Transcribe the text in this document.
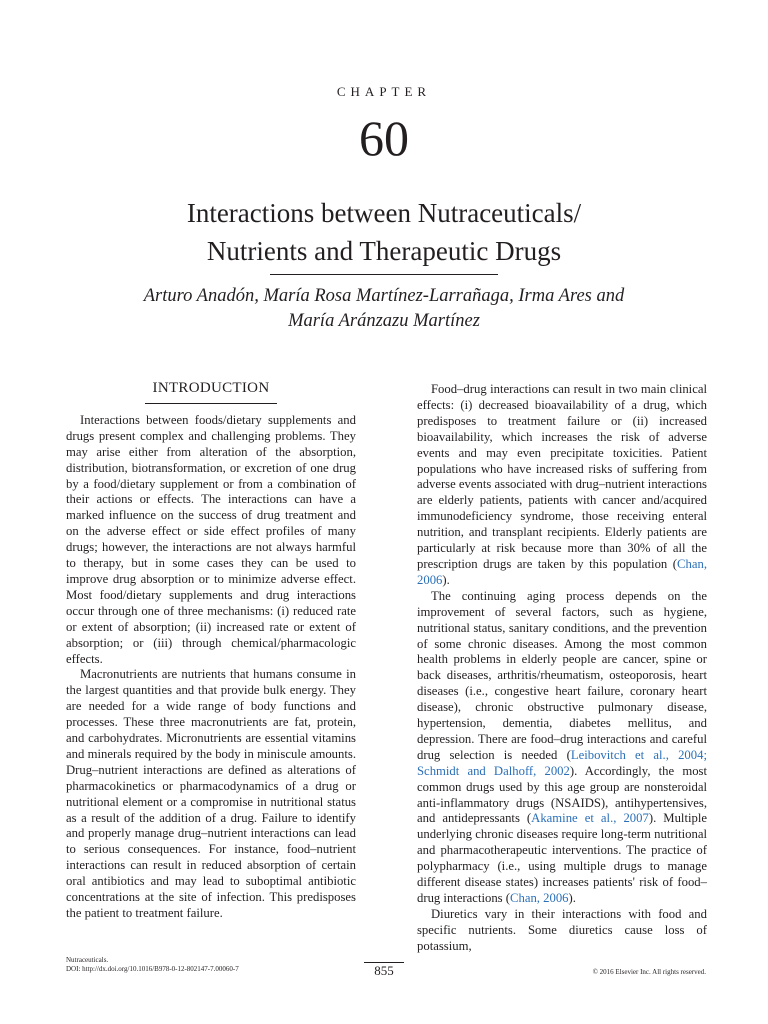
CHAPTER
60
Interactions between Nutraceuticals/
Nutrients and Therapeutic Drugs
Arturo Anadón, María Rosa Martínez-Larrañaga, Irma Ares and
María Aránzazu Martínez
INTRODUCTION

Interactions between foods/dietary supplements and drugs present complex and challenging problems. They may arise either from alteration of the absorption, distribution, biotransformation, or excretion of one drug by a food/dietary supplement or from a combination of their actions or effects. The interactions can have a marked influence on the success of drug treatment and on the adverse effect or side effect profiles of many drugs; however, the interactions are not always harmful to therapy, but in some cases they can be used to improve drug absorption or to minimize adverse effect. Most food/dietary supplements and drug interactions occur through one of three mechanisms: (i) reduced rate or extent of absorption; (ii) increased rate or extent of absorption; or (iii) through chemical/pharmacologic effects.

Macronutrients are nutrients that humans consume in the largest quantities and that provide bulk energy. They are needed for a wide range of body functions and processes. These three macronutrients are fat, protein, and carbohydrates. Micronutrients are essential vitamins and minerals required by the body in miniscule amounts. Drug–nutrient interactions are defined as alterations of pharmacokinetics or pharmacodynamics of a drug or nutritional element or a compromise in nutritional status as a result of the addition of a drug. Failure to identify and properly manage drug–nutrient interactions can lead to serious consequences. For instance, food–nutrient interactions can result in reduced absorption of certain oral antibiotics and may lead to suboptimal antibiotic concentrations at the site of infection. This predisposes the patient to treatment failure.

Food–drug interactions can result in two main clinical effects: (i) decreased bioavailability of a drug, which predisposes to treatment failure or (ii) increased bioavailability, which increases the risk of adverse events and may even precipitate toxicities. Patient populations who have increased risks of suffering from adverse events associated with drug–nutrient interactions are elderly patients, patients with cancer and/acquired immunodeficiency syndrome, those receiving enteral nutrition, and transplant recipients. Elderly patients are particularly at risk because more than 30% of all the prescription drugs are taken by this population (Chan, 2006).

The continuing aging process depends on the improvement of several factors, such as hygiene, nutritional status, sanitary conditions, and the prevention of some chronic diseases. Among the most common health problems in elderly people are cancer, spine or back diseases, arthritis/rheumatism, osteoporosis, heart diseases (i.e., congestive heart failure, coronary heart disease), chronic obstructive pulmonary disease, hypertension, dementia, diabetes mellitus, and depression. There are food–drug interactions and careful drug selection is needed (Leibovitch et al., 2004; Schmidt and Dalhoff, 2002). Accordingly, the most common drugs used by this age group are nonsteroidal anti-inflammatory drugs (NSAIDS), antihypertensives, and antidepressants (Akamine et al., 2007). Multiple underlying chronic diseases require long-term nutritional and pharmacotherapeutic interventions. The practice of polypharmacy (i.e., using multiple drugs to manage different disease states) increases patients' risk of food–drug interactions (Chan, 2006).

Diuretics vary in their interactions with food and specific nutrients. Some diuretics cause loss of potassium,

Nutraceuticals.
DOI: http://dx.doi.org/10.1016/B978-0-12-802147-7.00060-7	855	© 2016 Elsevier Inc. All rights reserved.
